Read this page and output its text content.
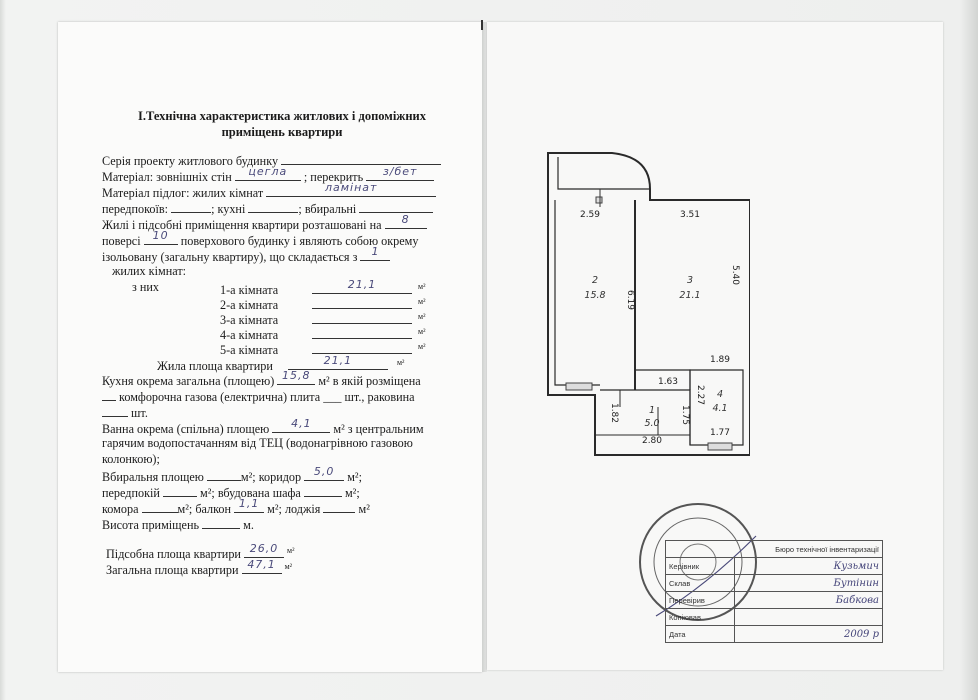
I.Технічна характеристика житлових і допоміжних
приміщень квартири
Серія проекту житлового будинку
Матеріал: зовнішніх стін	цегла	; перекрить	з/бет
Матеріал підлог: жилих кімнат	ламінат
передпокоїв:	; кухні	; вбиральні
Жилі і підсобні приміщення квартири розташовані на	8
поверсі	10 поверхового будинку і являють собою окрему
ізольовану (загальну квартиру), що складається з	1
жилих кімнат:
з них	1-а кімната	21,1	$^{м^2}$
2-а кімната	$^{м^2}$
3-а кімната	$^{м^2}$
4-а кімната	$^{м^2}$
5-а кімната	$^{м^2}$
Жила площа квартири	21,1	$^{м^2}$
Кухня окрема загальна (площею) 15,8 м² в якій розміщена
комфорочна газова (електрична) плита ___ шт., раковина
шт.
Ванна окрема (спільна) площею	4,1	м² з центральним
гарячим водопостачанням від ТЕЦ (водонагрівною газовою
колонкою);
Вбиральня площею	м²; коридор	5,0	м²;
передпокій	м²; вбудована шафа	м²;
комора	м²; балкон 1,1 м²; лоджія	м²
Висота приміщень	м.
Підсобна площа квартири 26,0	$^{м^2}$
Загальна площа квартири 47,1	$^{м^2}$
2.59	3.51
6.19
5.40
1.89
1.63
1.82
2.80
1.75
2.27
1.77
2
15.8
3
21.1
1
5.0
4
4.1
Бюро технічної інвентаризації	
Керівник	Кузьмич
Склав	Бутінин
Перевірив	Бабкова
Копіював	
Дата	2009 р
